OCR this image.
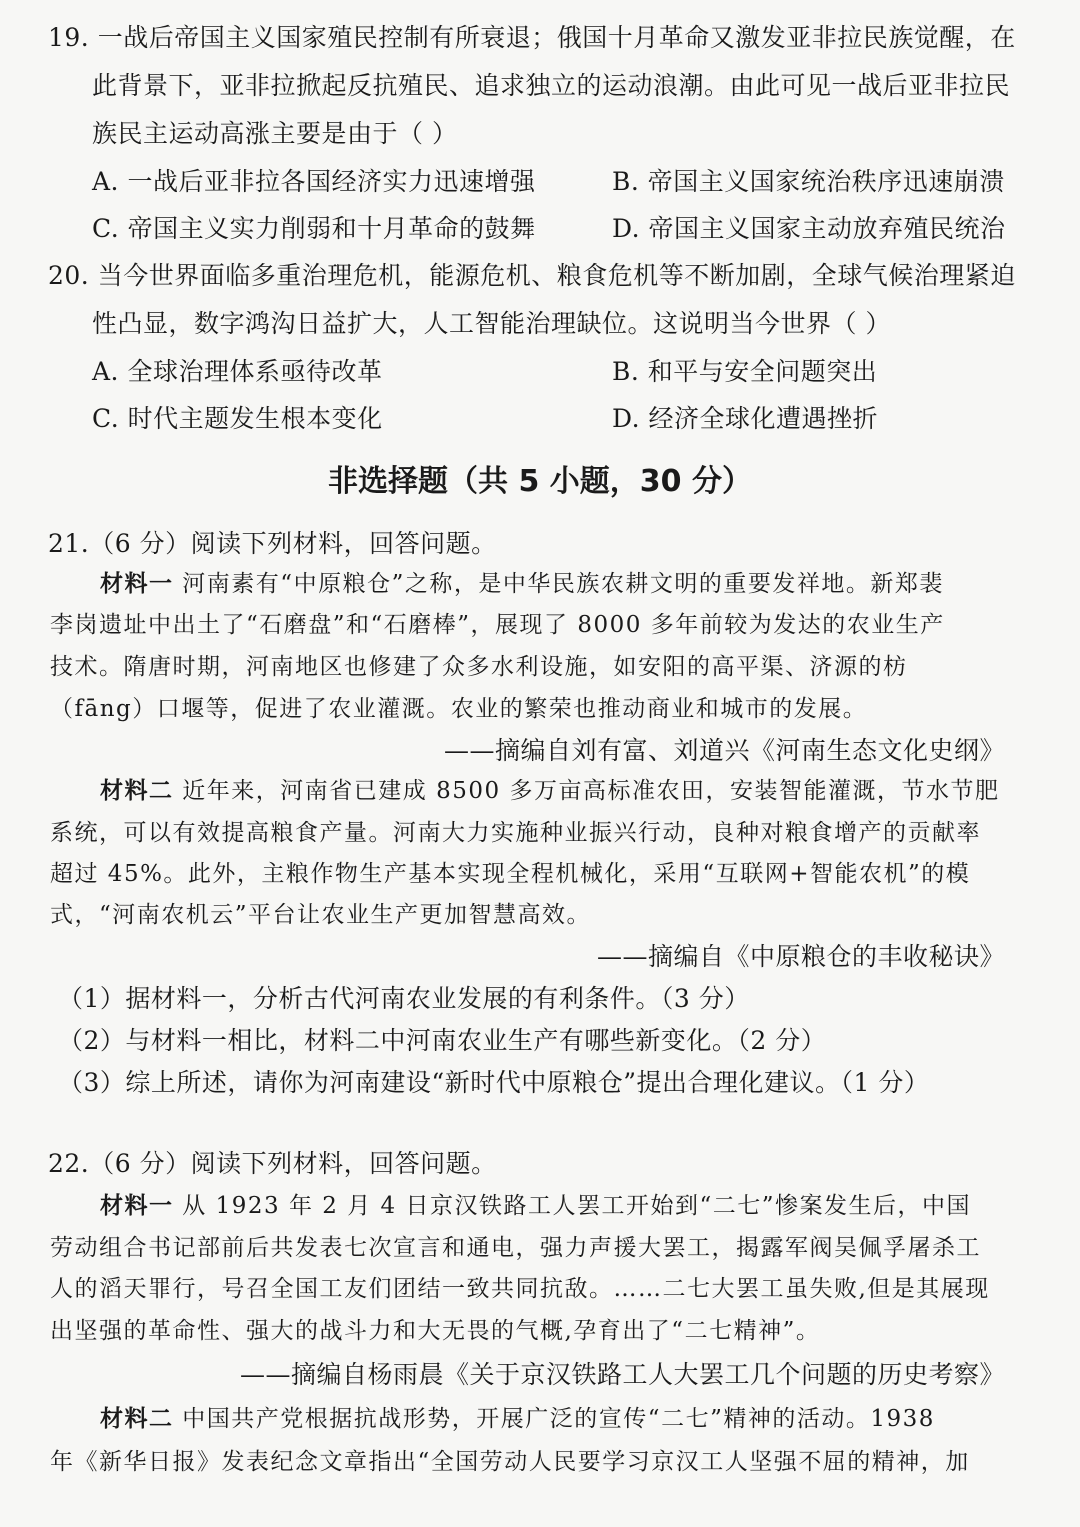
19. 一战后帝国主义国家殖民控制有所衰退；俄国十月革命又激发亚非拉民族觉醒，在
此背景下，亚非拉掀起反抗殖民、追求独立的运动浪潮。由此可见一战后亚非拉民
族民主运动高涨主要是由于（ ）
A. 一战后亚非拉各国经济实力迅速增强	B. 帝国主义国家统治秩序迅速崩溃
C. 帝国主义实力削弱和十月革命的鼓舞	D. 帝国主义国家主动放弃殖民统治
20. 当今世界面临多重治理危机，能源危机、粮食危机等不断加剧，全球气候治理紧迫
性凸显，数字鸿沟日益扩大，人工智能治理缺位。这说明当今世界（ ）
A. 全球治理体系亟待改革	B. 和平与安全问题突出
C. 时代主题发生根本变化	D. 经济全球化遭遇挫折
非选择题（共 5 小题，30 分）
21.（6 分）阅读下列材料，回答问题。
材料一 河南素有“中原粮仓”之称，是中华民族农耕文明的重要发祥地。新郑裴
李岗遗址中出土了“石磨盘”和“石磨棒”，展现了 8000 多年前较为发达的农业生产
技术。隋唐时期，河南地区也修建了众多水利设施，如安阳的高平渠、济源的枋
（fāng）口堰等，促进了农业灌溉。农业的繁荣也推动商业和城市的发展。
——摘编自刘有富、刘道兴《河南生态文化史纲》
材料二 近年来，河南省已建成 8500 多万亩高标准农田，安装智能灌溉，节水节肥
系统，可以有效提高粮食产量。河南大力实施种业振兴行动，良种对粮食增产的贡献率
超过 45%。此外，主粮作物生产基本实现全程机械化，采用“互联网+智能农机”的模
式，“河南农机云”平台让农业生产更加智慧高效。
——摘编自《中原粮仓的丰收秘诀》
（1）据材料一，分析古代河南农业发展的有利条件。（3 分）
（2）与材料一相比，材料二中河南农业生产有哪些新变化。（2 分）
（3）综上所述，请你为河南建设“新时代中原粮仓”提出合理化建议。（1 分）
22.（6 分）阅读下列材料，回答问题。
材料一 从 1923 年 2 月 4 日京汉铁路工人罢工开始到“二七”惨案发生后，中国
劳动组合书记部前后共发表七次宣言和通电，强力声援大罢工，揭露军阀吴佩孚屠杀工
人的滔天罪行，号召全国工友们团结一致共同抗敌。……二七大罢工虽失败,但是其展现
出坚强的革命性、强大的战斗力和大无畏的气概,孕育出了“二七精神”。
——摘编自杨雨晨《关于京汉铁路工人大罢工几个问题的历史考察》
材料二 中国共产党根据抗战形势，开展广泛的宣传“二七”精神的活动。1938
年《新华日报》发表纪念文章指出“全国劳动人民要学习京汉工人坚强不屈的精神，加
